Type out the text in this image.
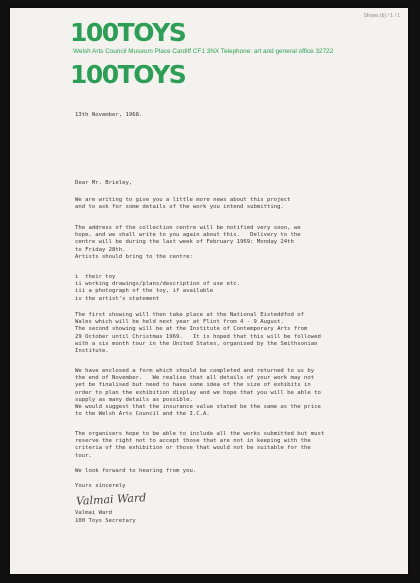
Shows (b) / 1 / 1
100TOYS
Welsh Arts Council Museum Place Cardiff CF1 3NX Telephone: art and general office 32722
100TOYS
13th November, 1968.
Dear Mr. Brieley,
We are writing to give you a little more news about this project
and to ask for some details of the work you intend submitting.
The address of the collection centre will be notified very soon, we
hope, and we shall write to you again about this.   Delivery to the
centre will be during the last week of February 1969: Monday 24th
to Friday 28th.
Artists should bring to the centre:
i  their toy
ii working drawings/plans/description of use etc.
iii a photograph of the toy, if available
iv the artist's statement
The first showing will then take place at the National Eisteddfod of
Wales which will be held next year at Flint from 4 - 9 August.
The second showing will be at the Institute of Contemporary Arts from
29 October until Christmas 1969.   It is hoped that this will be followed
with a six month tour in the United States, organised by the Smithsonian
Institute.
We have enclosed a form which should be completed and returned to us by
the end of November.   We realise that all details of your work may not
yet be finalised but need to have some idea of the size of exhibits in
order to plan the exhibition display and we hope that you will be able to
supply as many details as possible.
We would suggest that the insurance value stated be the same as the price
to the Welsh Arts Council and the I.C.A.
The organisers hope to be able to include all the works submitted but must
reserve the right not to accept those that are not in keeping with the
criteria of the exhibition or those that would not be suitable for the
tour.
We look forward to hearing from you.
Yours sincerely
Valmai Ward
Valmai Ward
100 Toys Secretary
